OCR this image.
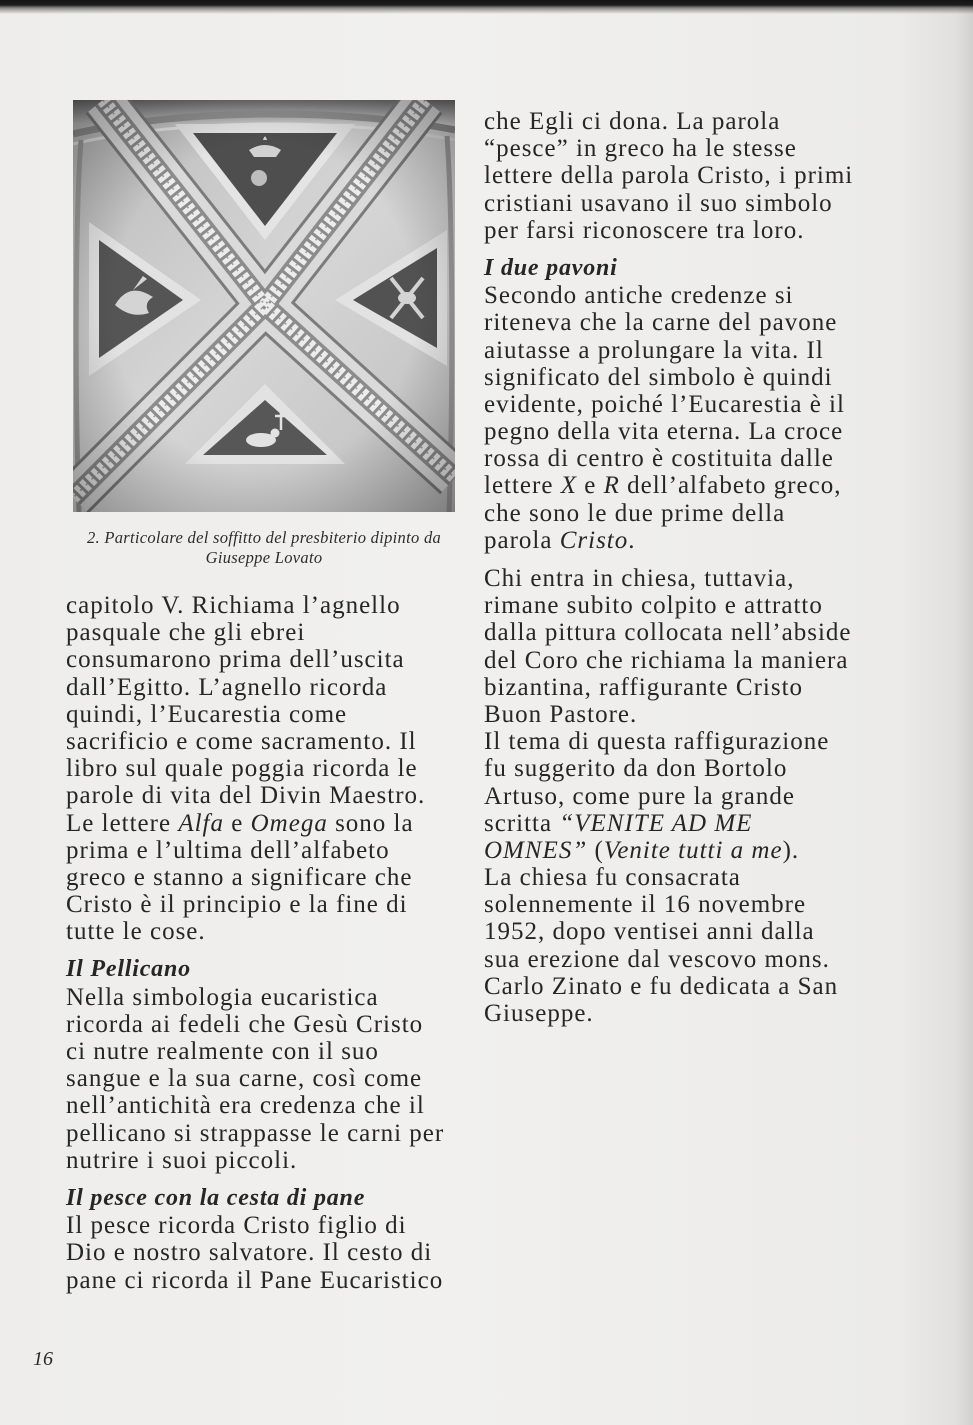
2. Particolare del soffitto del presbiterio dipinto da
Giuseppe Lovato
capitolo V. Richiama l’agnello
pasquale che gli ebrei
consumarono prima dell’uscita
dall’Egitto. L’agnello ricorda
quindi, l’Eucarestia come
sacrificio e come sacramento. Il
libro sul quale poggia ricorda le
parole di vita del Divin Maestro.
Le lettere Alfa e Omega sono la
prima e l’ultima dell’alfabeto
greco e stanno a significare che
Cristo è il principio e la fine di
tutte le cose.
Il Pellicano
Nella simbologia eucaristica
ricorda ai fedeli che Gesù Cristo
ci nutre realmente con il suo
sangue e la sua carne, così come
nell’antichità era credenza che il
pellicano si strappasse le carni per
nutrire i suoi piccoli.
Il pesce con la cesta di pane
Il pesce ricorda Cristo figlio di
Dio e nostro salvatore. Il cesto di
pane ci ricorda il Pane Eucaristico
che Egli ci dona. La parola
“pesce” in greco ha le stesse
lettere della parola Cristo, i primi
cristiani usavano il suo simbolo
per farsi riconoscere tra loro.
I due pavoni
Secondo antiche credenze si
riteneva che la carne del pavone
aiutasse a prolungare la vita. Il
significato del simbolo è quindi
evidente, poiché l’Eucarestia è il
pegno della vita eterna. La croce
rossa di centro è costituita dalle
lettere X e R dell’alfabeto greco,
che sono le due prime della
parola Cristo.
Chi entra in chiesa, tuttavia,
rimane subito colpito e attratto
dalla pittura collocata nell’abside
del Coro che richiama la maniera
bizantina, raffigurante Cristo
Buon Pastore.
Il tema di questa raffigurazione
fu suggerito da don Bortolo
Artuso, come pure la grande
scritta “VENITE AD ME
OMNES” (Venite tutti a me).
La chiesa fu consacrata
solennemente il 16 novembre
1952, dopo ventisei anni dalla
sua erezione dal vescovo mons.
Carlo Zinato e fu dedicata a San
Giuseppe.
16
